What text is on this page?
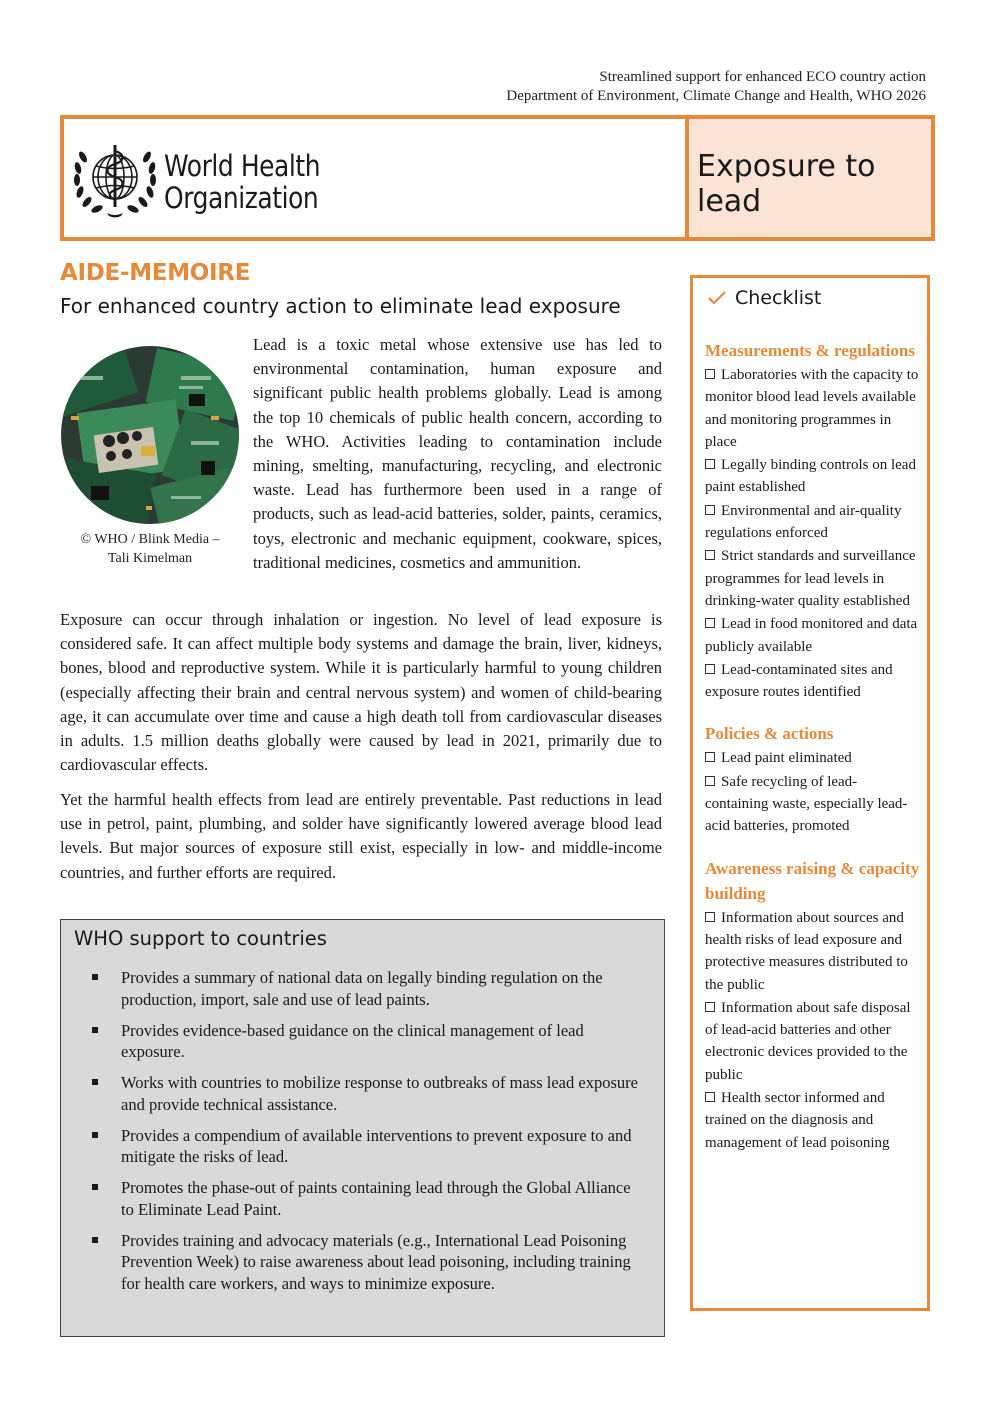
Streamlined support for enhanced ECO country action
Department of Environment, Climate Change and Health, WHO 2026
World Health
Organization
Exposure to
lead
AIDE-MEMOIRE
For enhanced country action to eliminate lead exposure
© WHO / Blink Media –
Tali Kimelman

Lead is a toxic metal whose extensive use has led to environmental contamination, human exposure and significant public health problems globally. Lead is among the top 10 chemicals of public health concern, according to the WHO. Activities leading to contamination include mining, smelting, manufacturing, recycling, and electronic waste. Lead has furthermore been used in a range of products, such as lead-acid batteries, solder, paints, ceramics, toys, electronic and mechanic equipment, cookware, spices, traditional medicines, cosmetics and ammunition.

Exposure can occur through inhalation or ingestion. No level of lead exposure is considered safe. It can affect multiple body systems and damage the brain, liver, kidneys, bones, blood and reproductive system. While it is particularly harmful to young children (especially affecting their brain and central nervous system) and women of child-bearing age, it can accumulate over time and cause a high death toll from cardiovascular diseases in adults. 1.5 million deaths globally were caused by lead in 2021, primarily due to cardiovascular effects.

Yet the harmful health effects from lead are entirely preventable. Past reductions in lead use in petrol, paint, plumbing, and solder have significantly lowered average blood lead levels. But major sources of exposure still exist, especially in low- and middle-income countries, and further efforts are required.

WHO support to countries
Provides a summary of national data on legally binding regulation on the production, import, sale and use of lead paints.
Provides evidence-based guidance on the clinical management of lead exposure.
Works with countries to mobilize response to outbreaks of mass lead exposure and provide technical assistance.
Provides a compendium of available interventions to prevent exposure to and mitigate the risks of lead.
Promotes the phase-out of paints containing lead through the Global Alliance to Eliminate Lead Paint.
Provides training and advocacy materials (e.g., International Lead Poisoning Prevention Week) to raise awareness about lead poisoning, including training for health care workers, and ways to minimize exposure.
Checklist
Measurements & regulations
Laboratories with the capacity to monitor blood lead levels available and monitoring programmes in place
Legally binding controls on lead paint established
Environmental and air-quality regulations enforced
Strict standards and surveillance programmes for lead levels in drinking-water quality established
Lead in food monitored and data publicly available
Lead-contaminated sites and exposure routes identified
Policies & actions
Lead paint eliminated
Safe recycling of lead-containing waste, especially lead-acid batteries, promoted
Awareness raising & capacity building
Information about sources and health risks of lead exposure and protective measures distributed to the public
Information about safe disposal of lead-acid batteries and other electronic devices provided to the public
Health sector informed and trained on the diagnosis and management of lead poisoning
